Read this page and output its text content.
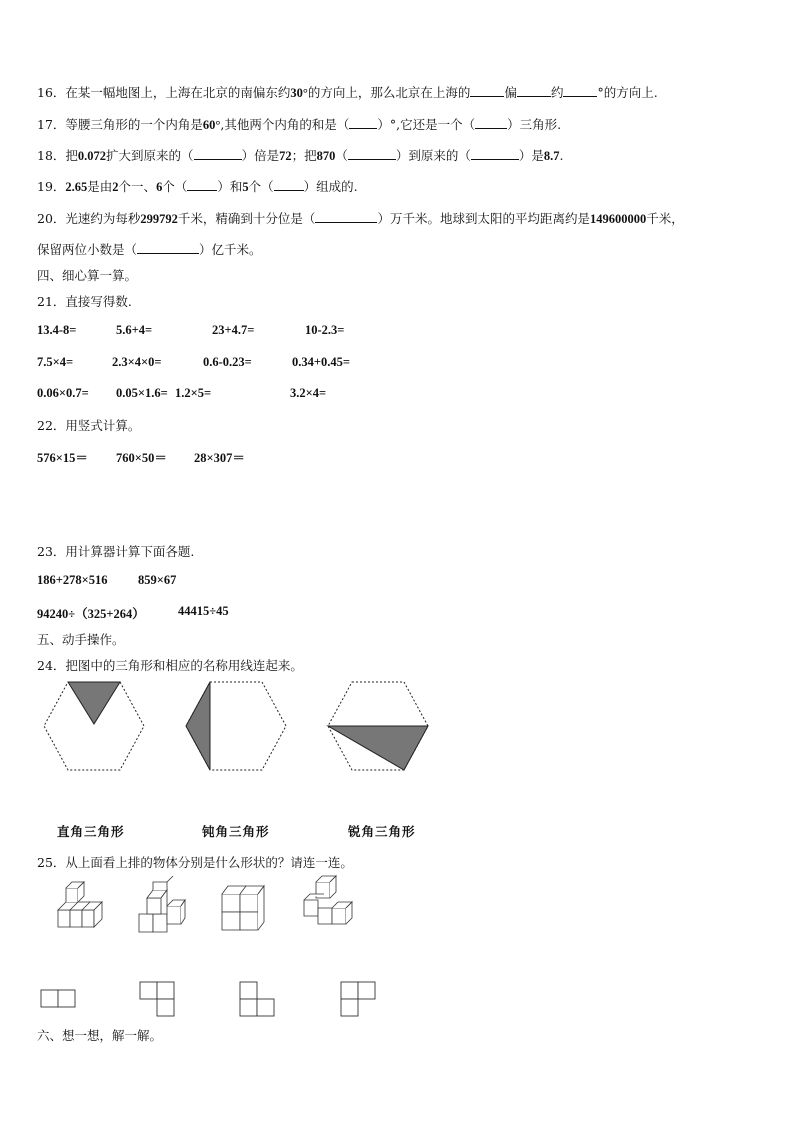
16．在某一幅地图上，上海在北京的南偏东约30°的方向上，那么北京在上海的	偏	约	°的方向上.
17．等腰三角形的一个内角是60°,其他两个内角的和是（ ）°,它还是一个（	）三角形.
18．把0.072扩大到原来的（	）倍是72；把870（	）到原来的（	）是8.7.
19．2.65是由2个一、6个（ ）和5个（ ）组成的.
20．光速约为每秒299792千米，精确到十分位是（	）万千米。地球到太阳的平均距离约是149600000千米，
保留两位小数是（	）亿千米。
四、细心算一算。
21．直接写得数.
13.4-8=	5.6+4=	23+4.7=	10-2.3=
7.5×4=	2.3×4×0=	0.6-0.23=	0.34+0.45=
0.06×0.7= 0.05×1.6= 1.2×5=	3.2×4=
22．用竖式计算。
576×15＝ 760×50＝ 28×307＝
23．用计算器计算下面各题.
186+278×516 859×67
94240÷（325+264）	44415÷45
五、动手操作。
24．把图中的三角形和相应的名称用线连起来。
直角三角形	钝角三角形	锐角三角形
25．从上面看上排的物体分别是什么形状的？请连一连。
六、想一想，解一解。
